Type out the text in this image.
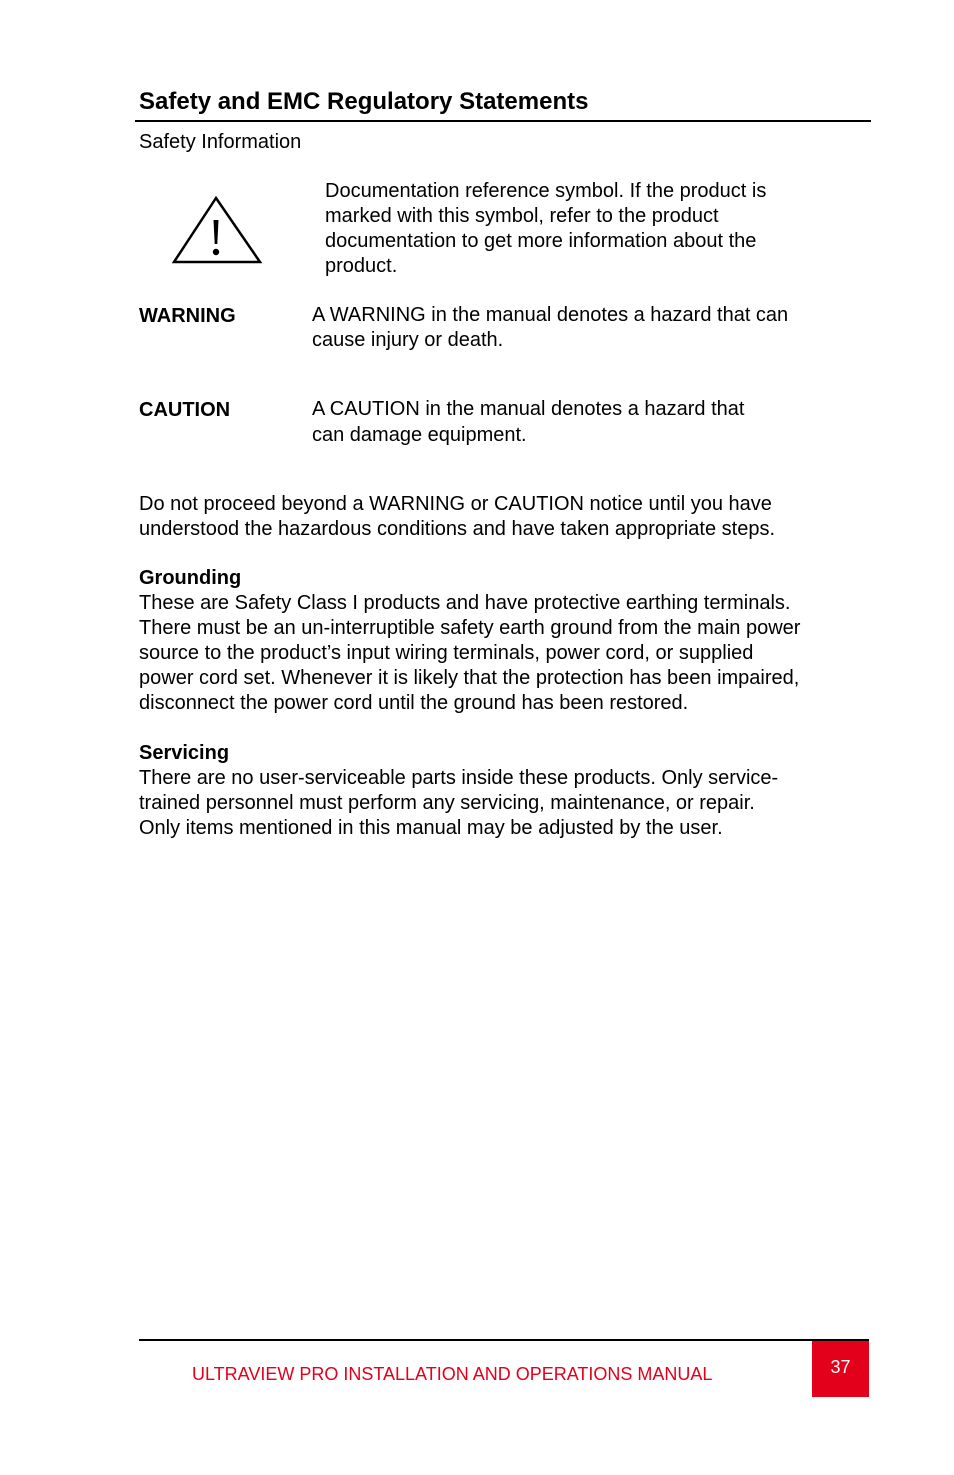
Safety and EMC Regulatory Statements
Safety Information
Documentation reference symbol. If the product is
marked with this symbol, refer to the product
documentation to get more information about the
product.
WARNING	A WARNING in the manual denotes a hazard that can
cause injury or death.
CAUTION	A CAUTION in the manual denotes a hazard that
can damage equipment.
Do not proceed beyond a WARNING or CAUTION notice until you have
understood the hazardous conditions and have taken appropriate steps.
Grounding
These are Safety Class I products and have protective earthing terminals.
There must be an un-interruptible safety earth ground from the main power
source to the product’s input wiring terminals, power cord, or supplied
power cord set. Whenever it is likely that the protection has been impaired,
disconnect the power cord until the ground has been restored.
Servicing
There are no user-serviceable parts inside these products. Only service-
trained personnel must perform any servicing, maintenance, or repair.
Only items mentioned in this manual may be adjusted by the user.
ULTRAVIEW PRO INSTALLATION AND OPERATIONS MANUAL	37
